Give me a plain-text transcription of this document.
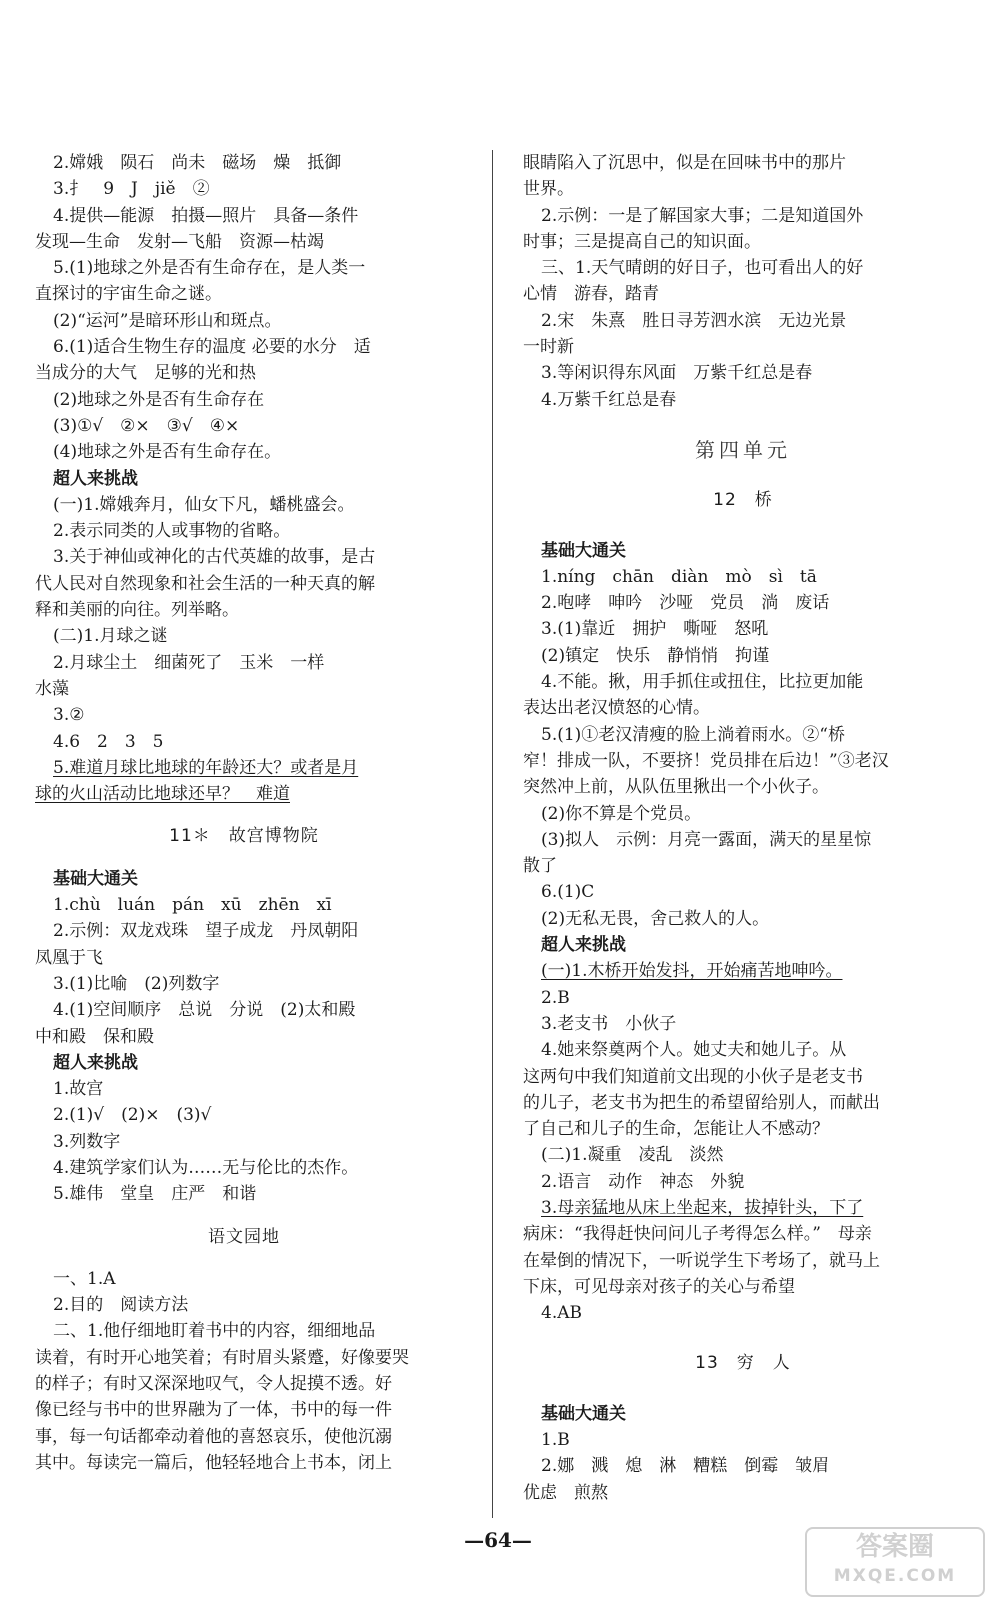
2.嫦娥　陨石　尚未　磁场　燥　抵御
3.扌　9　J　jiě　②
4.提供—能源　拍摄—照片　具备—条件
发现—生命　发射—飞船　资源—枯竭
5.(1)地球之外是否有生命存在，是人类一
直探讨的宇宙生命之谜。
(2)“运河”是暗环形山和斑点。
6.(1)适合生物生存的温度 必要的水分　适
当成分的大气　足够的光和热
(2)地球之外是否有生命存在
(3)①√　②×　③√　④×
(4)地球之外是否有生命存在。
超人来挑战
(一)1.嫦娥奔月，仙女下凡，蟠桃盛会。
2.表示同类的人或事物的省略。
3.关于神仙或神化的古代英雄的故事，是古
代人民对自然现象和社会生活的一种天真的解
释和美丽的向往。列举略。
(二)1.月球之谜
2.月球尘土　细菌死了　玉米　一样
水藻
3.②
4.6　2　3　5
5.难道月球比地球的年龄还大？或者是月
球的火山活动比地球还早？　难道
11＊　故宫博物院
基础大通关
1.chù　luán　pán　xū　zhēn　xī
2.示例：双龙戏珠　望子成龙　丹凤朝阳
凤凰于飞
3.(1)比喻　(2)列数字
4.(1)空间顺序　总说　分说　(2)太和殿
中和殿　保和殿
超人来挑战
1.故宫
2.(1)√　(2)×　(3)√
3.列数字
4.建筑学家们认为……无与伦比的杰作。
5.雄伟　堂皇　庄严　和谐
语文园地
一、1.A
2.目的　阅读方法
二、1.他仔细地盯着书中的内容，细细地品
读着，有时开心地笑着；有时眉头紧蹙，好像要哭
的样子；有时又深深地叹气，令人捉摸不透。好
像已经与书中的世界融为了一体，书中的每一件
事，每一句话都牵动着他的喜怒哀乐，使他沉溺
其中。每读完一篇后，他轻轻地合上书本，闭上
眼睛陷入了沉思中，似是在回味书中的那片
世界。
2.示例：一是了解国家大事；二是知道国外
时事；三是提高自己的知识面。
三、1.天气晴朗的好日子，也可看出人的好
心情　游春，踏青
2.宋　朱熹　胜日寻芳泗水滨　无边光景
一时新
3.等闲识得东风面　万紫千红总是春
4.万紫千红总是春
第四单元
12　桥
基础大通关
1.níng　chān　diàn　mò　sì　tā
2.咆哮　呻吟　沙哑　党员　淌　废话
3.(1)靠近　拥护　嘶哑　怒吼
(2)镇定　快乐　静悄悄　拘谨
4.不能。揪，用手抓住或扭住，比拉更加能
表达出老汉愤怒的心情。
5.(1)①老汉清瘦的脸上淌着雨水。②“桥
窄！排成一队，不要挤！党员排在后边！”③老汉
突然冲上前，从队伍里揪出一个小伙子。
(2)你不算是个党员。
(3)拟人　示例：月亮一露面，满天的星星惊
散了
6.(1)C
(2)无私无畏，舍己救人的人。
超人来挑战
(一)1.木桥开始发抖，开始痛苦地呻吟。
2.B
3.老支书　小伙子
4.她来祭奠两个人。她丈夫和她儿子。从
这两句中我们知道前文出现的小伙子是老支书
的儿子，老支书为把生的希望留给别人，而献出
了自己和儿子的生命，怎能让人不感动？
(二)1.凝重　凌乱　淡然
2.语言　动作　神态　外貌
3.母亲猛地从床上坐起来，拔掉针头，下了
病床：“我得赶快问问儿子考得怎么样。”　母亲
在晕倒的情况下，一听说学生下考场了，就马上
下床，可见母亲对孩子的关心与希望
4.AB
13　穷　人
基础大通关
1.B
2.娜　溅　熄　淋　糟糕　倒霉　皱眉
优虑　煎熬
—64—	答案圈
MXQE.COM
